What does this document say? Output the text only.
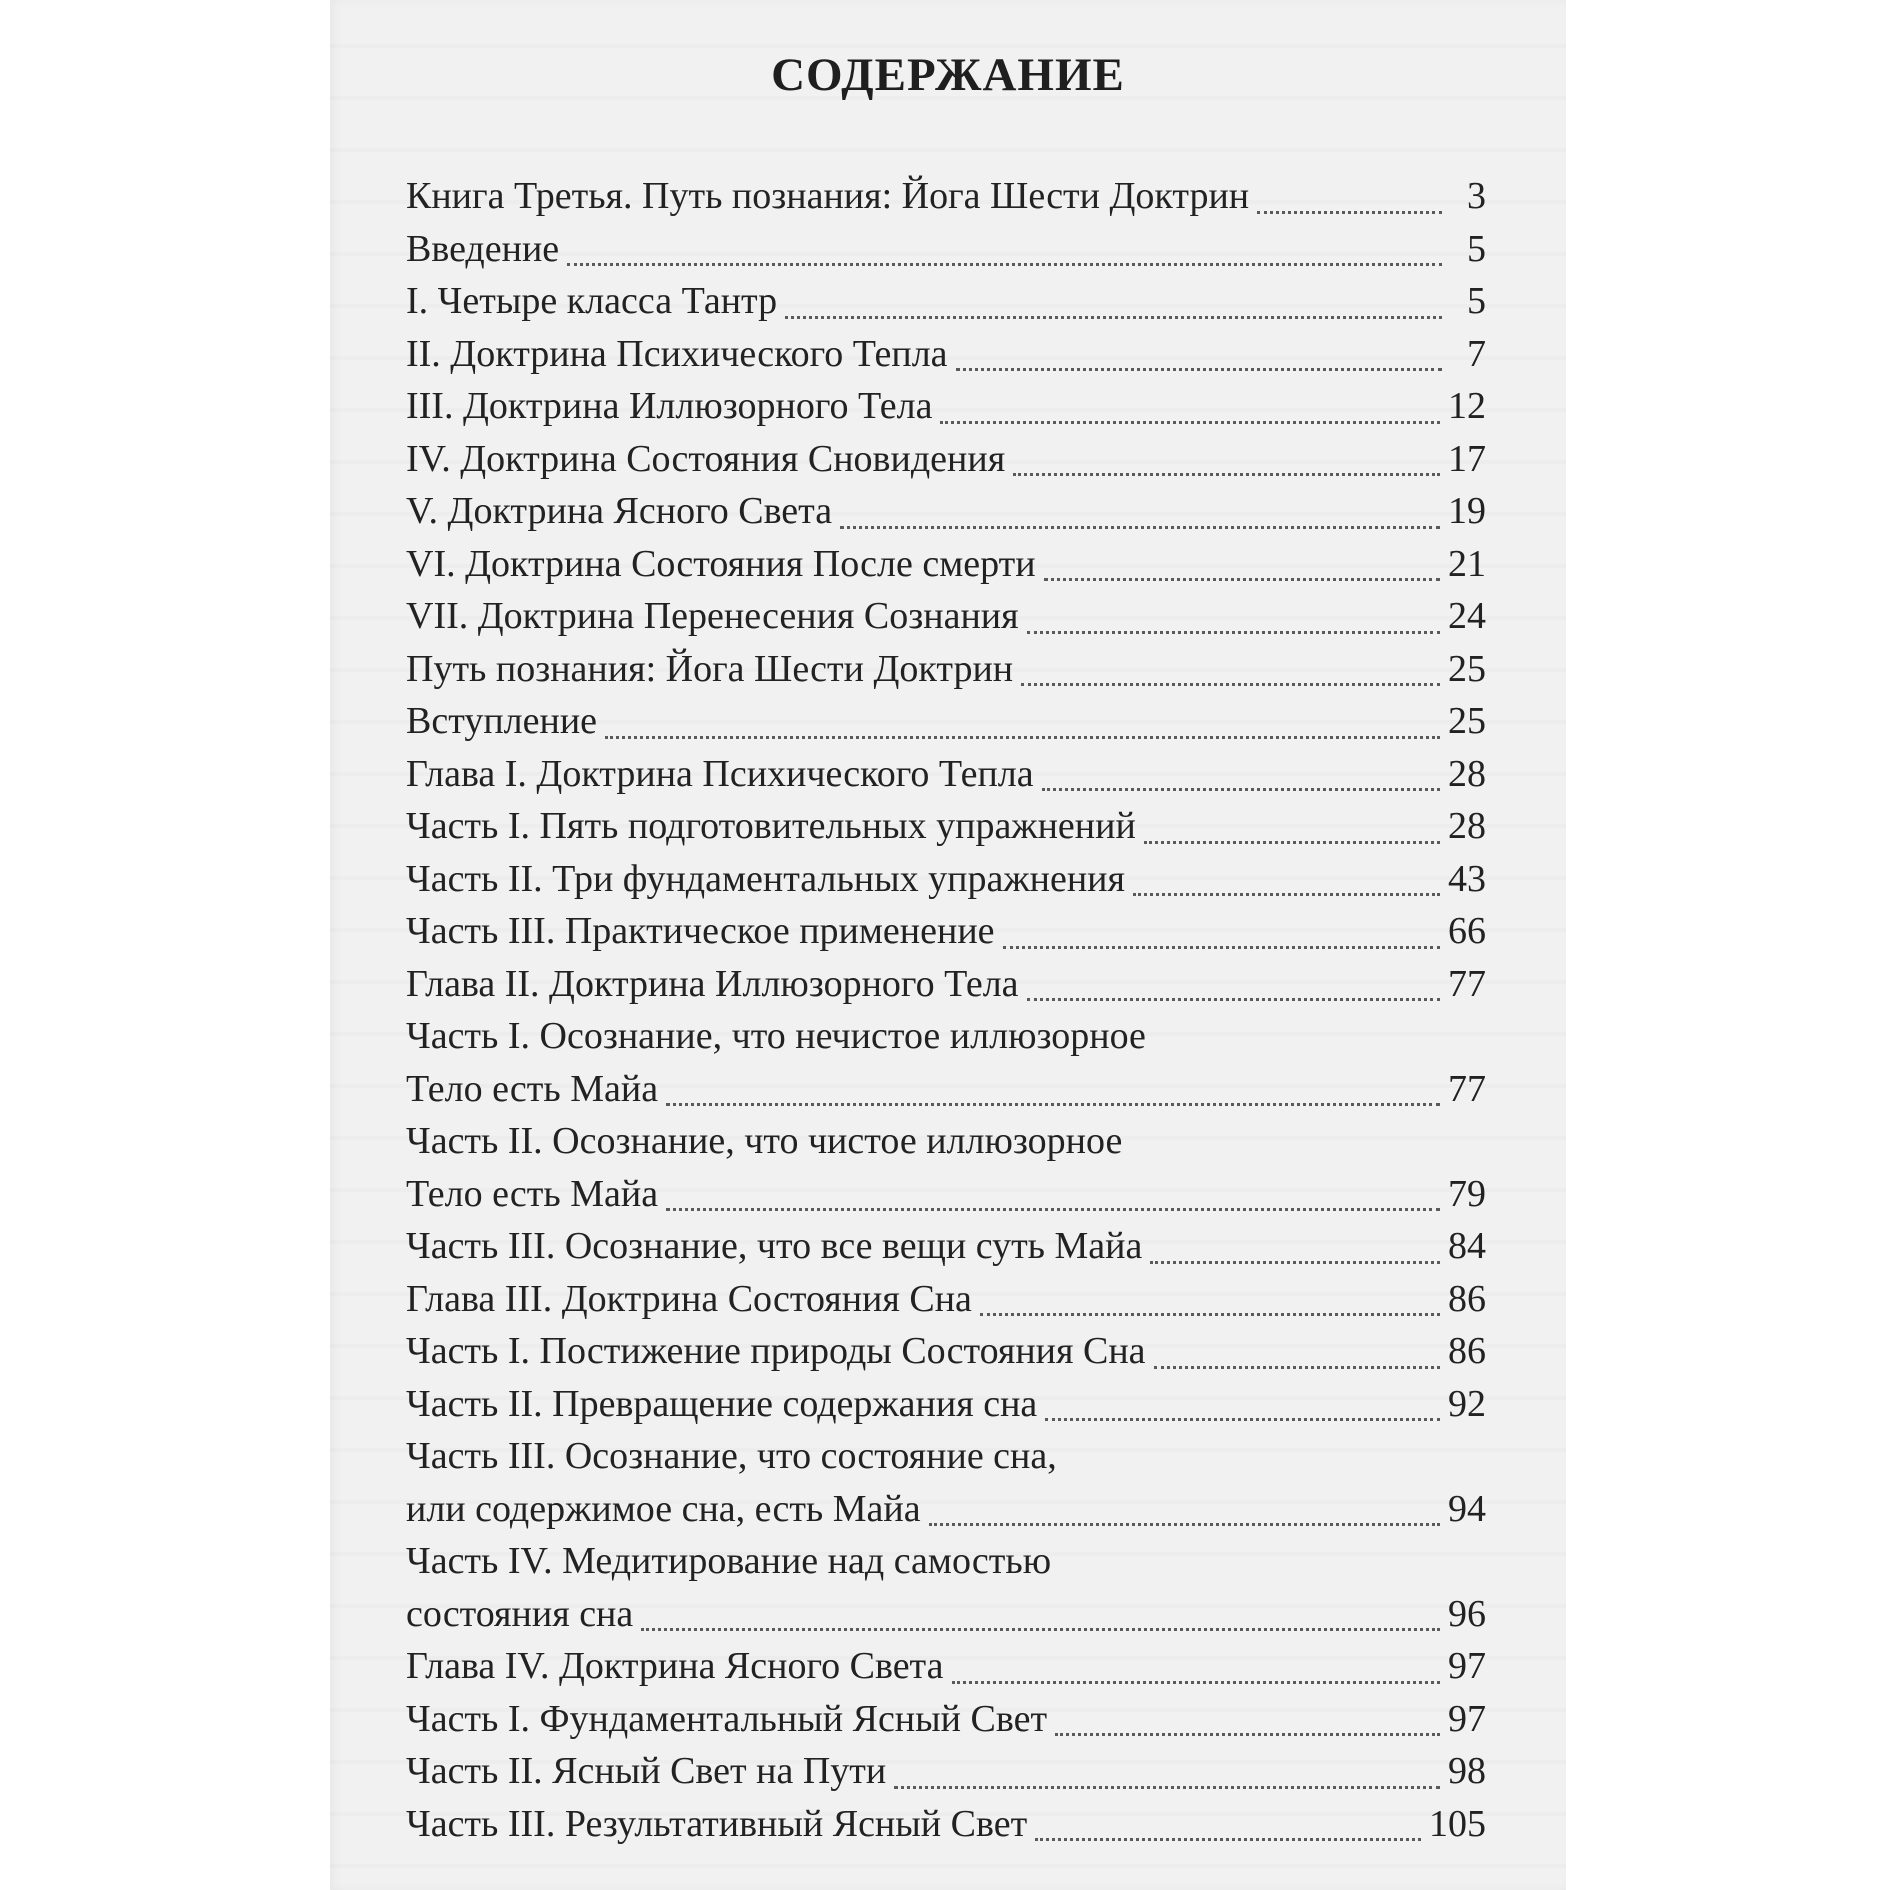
СОДЕРЖАНИЕ
Книга Третья. Путь познания: Йога Шести Доктрин	3
Введение	5
I. Четыре класса Тантр	5
II. Доктрина Психического Тепла	7
III. Доктрина Иллюзорного Тела	12
IV. Доктрина Состояния Сновидения	17
V. Доктрина Ясного Света	19
VI. Доктрина Состояния После смерти	21
VII. Доктрина Перенесения Сознания	24
Путь познания: Йога Шести Доктрин	25
Вступление	25
Глава I. Доктрина Психического Тепла	28
Часть I. Пять подготовительных упражнений	28
Часть II. Три фундаментальных упражнения	43
Часть III. Практическое применение	66
Глава II. Доктрина Иллюзорного Тела	77
Часть I. Осознание, что нечистое иллюзорное
Тело есть Майа	77
Часть II. Осознание, что чистое иллюзорное
Тело есть Майа	79
Часть III. Осознание, что все вещи суть Майа	84
Глава III. Доктрина Состояния Сна	86
Часть I. Постижение природы Состояния Сна	86
Часть II. Превращение содержания сна	92
Часть III. Осознание, что состояние сна,
или содержимое сна, есть Майа	94
Часть IV. Медитирование над самостью
состояния сна	96
Глава IV. Доктрина Ясного Света	97
Часть I. Фундаментальный Ясный Свет	97
Часть II. Ясный Свет на Пути	98
Часть III. Результативный Ясный Свет	105
